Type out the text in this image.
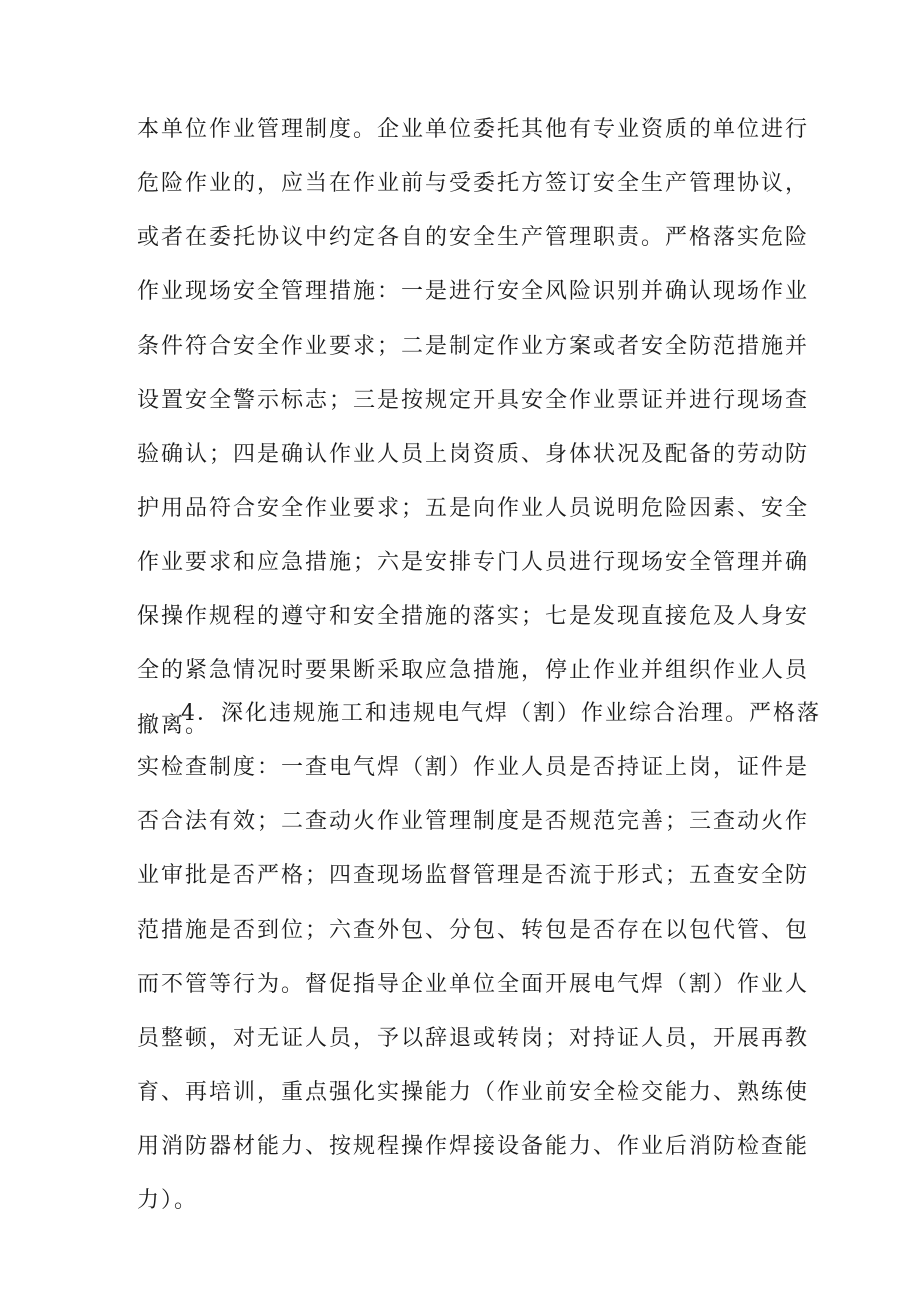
本单位作业管理制度。企业单位委托其他有专业资质的单位进行
危险作业的，应当在作业前与受委托方签订安全生产管理协议，
或者在委托协议中约定各自的安全生产管理职责。严格落实危险
作业现场安全管理措施：一是进行安全风险识别并确认现场作业
条件符合安全作业要求；二是制定作业方案或者安全防范措施并
设置安全警示标志；三是按规定开具安全作业票证并进行现场查
验确认；四是确认作业人员上岗资质、身体状况及配备的劳动防
护用品符合安全作业要求；五是向作业人员说明危险因素、安全
作业要求和应急措施；六是安排专门人员进行现场安全管理并确
保操作规程的遵守和安全措施的落实；七是发现直接危及人身安
全的紧急情况时要果断采取应急措施，停止作业并组织作业人员
撤离。
4．深化违规施工和违规电气焊（割）作业综合治理。严格落
实检查制度：一查电气焊（割）作业人员是否持证上岗，证件是
否合法有效；二查动火作业管理制度是否规范完善；三查动火作
业审批是否严格；四查现场监督管理是否流于形式；五查安全防
范措施是否到位；六查外包、分包、转包是否存在以包代管、包
而不管等行为。督促指导企业单位全面开展电气焊（割）作业人
员整顿，对无证人员，予以辞退或转岗；对持证人员，开展再教
育、再培训，重点强化实操能力（作业前安全检交能力、熟练使
用消防器材能力、按规程操作焊接设备能力、作业后消防检查能
力）。
